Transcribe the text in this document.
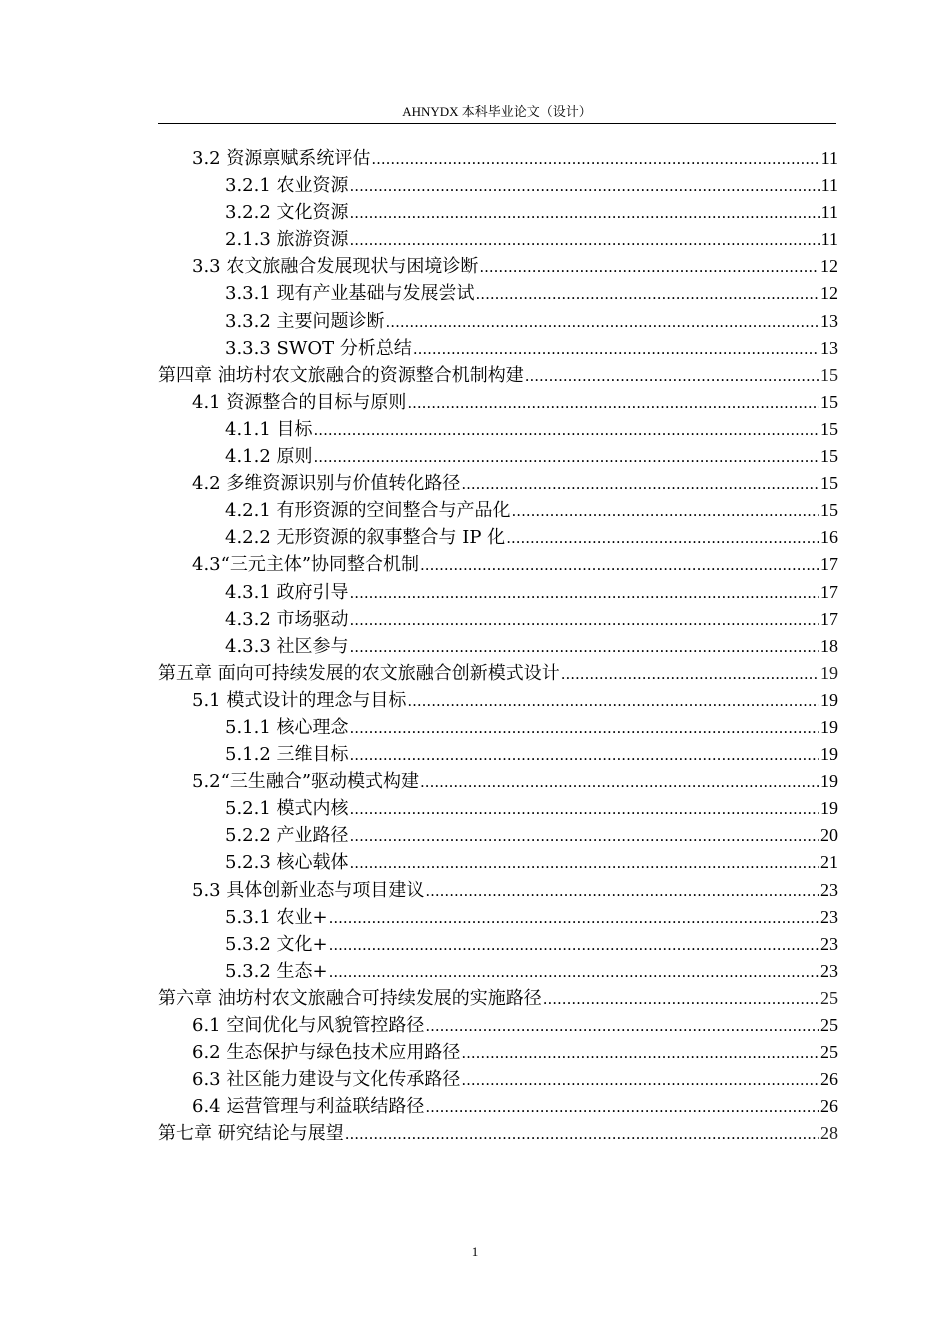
AHNYDX 本科毕业论文（设计）
3.2 资源禀赋系统评估 .....	11
3.2.1 农业资源 .....	11
3.2.2 文化资源 .....	11
2.1.3 旅游资源 .....	11
3.3 农文旅融合发展现状与困境诊断 .....	12
3.3.1 现有产业基础与发展尝试 .....	12
3.3.2 主要问题诊断 .....	13
3.3.3 SWOT 分析总结 .....	13
第四章 油坊村农文旅融合的资源整合机制构建 .....	15
4.1 资源整合的目标与原则 .....	15
4.1.1 目标 .....	15
4.1.2 原则 .....	15
4.2 多维资源识别与价值转化路径 .....	15
4.2.1 有形资源的空间整合与产品化 .....	15
4.2.2 无形资源的叙事整合与 IP 化 .....	16
4.3“三元主体”协同整合机制 .....	17
4.3.1 政府引导 .....	17
4.3.2 市场驱动 .....	17
4.3.3 社区参与 .....	18
第五章 面向可持续发展的农文旅融合创新模式设计 .....	19
5.1 模式设计的理念与目标 .....	19
5.1.1 核心理念 .....	19
5.1.2 三维目标 .....	19
5.2“三生融合”驱动模式构建 .....	19
5.2.1 模式内核 .....	19
5.2.2 产业路径 .....	20
5.2.3 核心载体 .....	21
5.3 具体创新业态与项目建议 .....	23
5.3.1 农业+ .....	23
5.3.2 文化+ .....	23
5.3.2 生态+ .....	23
第六章 油坊村农文旅融合可持续发展的实施路径 .....	25
6.1 空间优化与风貌管控路径 .....	25
6.2 生态保护与绿色技术应用路径 .....	25
6.3 社区能力建设与文化传承路径 .....	26
6.4 运营管理与利益联结路径 .....	26
第七章 研究结论与展望 .....	28
1
